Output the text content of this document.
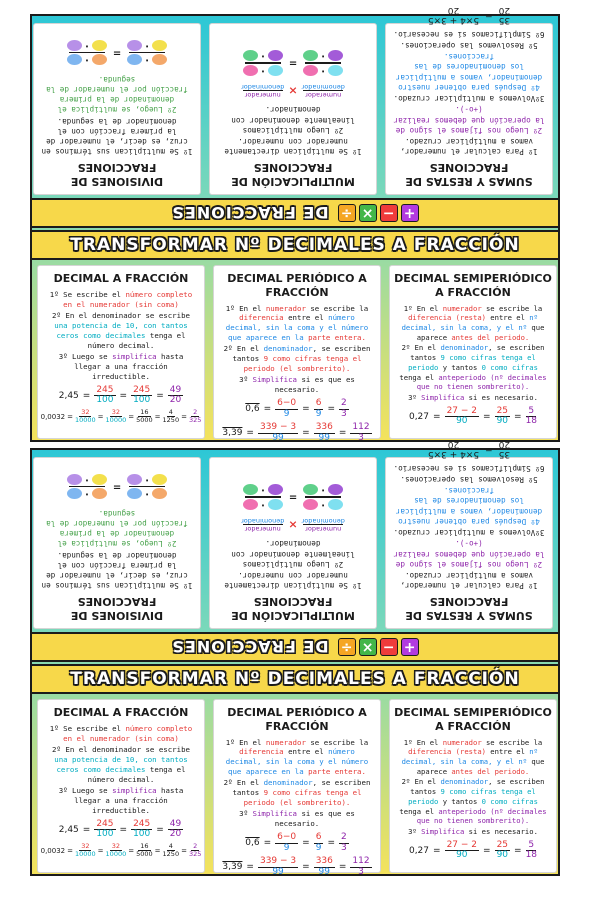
+
−
×
÷
DE FRACCIONES
SUMAS Y RESTAS DE FRACCIONES

1º Para calcular el numerador, vamos a multiplicar cruzado.

2º Luego nos fijamos el signo de la operación que debemos realizar (+o-).

3ºVolvemos a multiplicar cruzado.

4º Después para obtener nuestro denominador, vamos a multiplicar los denominadores de las fracciones.

5º Resolvemos las operaciones.

6º Simplificamos si es necesario.

35
20
=
5×4 + 3×5
20
MULTIPLICACIÓN DE FRACCIONES

1º Se multiplican directamente numerador con numerador.

2º Luego multiplicamos linealmente denominador con denominador.

numerador
denominador
×
numerador
denominador
·
·
=
·
·
DIVISIONES DE FRACCIONES

1º Se multiplican sus términos en cruz, es decir, el numerador de la primera fracción con el denominador de la segunda.

2º Luego, se multiplica el denominador de la primera fracción por el numerador de la segunda.

·
·
=
·
·
TRANSFORMAR Nº DECIMALES A FRACCIÓN
DECIMAL A FRACCIÓN

1º Se escribe el número completo en el numerador (sin coma)

2º En el denominador se escribe una potencia de 10, con tantos ceros como decimales tenga el número decimal.

3º Luego se simplifica hasta llegar a una fracción irreductible.

$2,45 = \frac{245}{100} = \frac{245}{100} = \frac{49}{20}$
$0,0032 = \frac{32}{10000} = \frac{32}{10000} = \frac{16}{5000} = \frac{4}{1250} = \frac{2}{325}$
DECIMAL PERIÓDICO A FRACCIÓN

1º En el numerador se escribe la diferencia entre el número decimal, sin la coma y el número que aparece en la parte entera.

2º En el denominador, se escriben tantos 9 como cifras tenga el periodo (el sombrerito).

3º Simplifica si es que es necesario.

$0,6 = \frac{6-0}{9} = \frac{6}{9} = \frac{2}{3}$
$3,39 = \frac{339 - 3}{99} = \frac{336}{99} = \frac{112}{3}$
DECIMAL SEMIPERIÓDICO A FRACCIÓN

1º En el numerador se escribe la diferencia (resta) entre el nº decimal, sin la coma, y el nº que aparece antes del periodo.

2º En el denominador, se escriben tantos 9 como cifras tenga el periodo y tantos 0 como cifras tenga el anteperiodo (nº decimales que no tienen sombrerito).

3º Simplifica si es necesario.

$0,27 = \frac{27 - 2}{90} = \frac{25}{90} = \frac{5}{18}$
+
−
×
÷
DE FRACCIONES
SUMAS Y RESTAS DE FRACCIONES

1º Para calcular el numerador, vamos a multiplicar cruzado.

2º Luego nos fijamos el signo de la operación que debemos realizar (+o-).

3ºVolvemos a multiplicar cruzado.

4º Después para obtener nuestro denominador, vamos a multiplicar los denominadores de las fracciones.

5º Resolvemos las operaciones.

6º Simplificamos si es necesario.

35
20
=
5×4 + 3×5
20
MULTIPLICACIÓN DE FRACCIONES

1º Se multiplican directamente numerador con numerador.

2º Luego multiplicamos linealmente denominador con denominador.

numerador
denominador
×
numerador
denominador
·
·
=
·
·
DIVISIONES DE FRACCIONES

1º Se multiplican sus términos en cruz, es decir, el numerador de la primera fracción con el denominador de la segunda.

2º Luego, se multiplica el denominador de la primera fracción por el numerador de la segunda.

·
·
=
·
·
TRANSFORMAR Nº DECIMALES A FRACCIÓN
DECIMAL A FRACCIÓN

1º Se escribe el número completo en el numerador (sin coma)

2º En el denominador se escribe una potencia de 10, con tantos ceros como decimales tenga el número decimal.

3º Luego se simplifica hasta llegar a una fracción irreductible.

$2,45 = \frac{245}{100} = \frac{245}{100} = \frac{49}{20}$
$0,0032 = \frac{32}{10000} = \frac{32}{10000} = \frac{16}{5000} = \frac{4}{1250} = \frac{2}{325}$
DECIMAL PERIÓDICO A FRACCIÓN

1º En el numerador se escribe la diferencia entre el número decimal, sin la coma y el número que aparece en la parte entera.

2º En el denominador, se escriben tantos 9 como cifras tenga el periodo (el sombrerito).

3º Simplifica si es que es necesario.

$0,6 = \frac{6-0}{9} = \frac{6}{9} = \frac{2}{3}$
$3,39 = \frac{339 - 3}{99} = \frac{336}{99} = \frac{112}{3}$
DECIMAL SEMIPERIÓDICO A FRACCIÓN

1º En el numerador se escribe la diferencia (resta) entre el nº decimal, sin la coma, y el nº que aparece antes del periodo.

2º En el denominador, se escriben tantos 9 como cifras tenga el periodo y tantos 0 como cifras tenga el anteperiodo (nº decimales que no tienen sombrerito).

3º Simplifica si es necesario.

$0,27 = \frac{27 - 2}{90} = \frac{25}{90} = \frac{5}{18}$
